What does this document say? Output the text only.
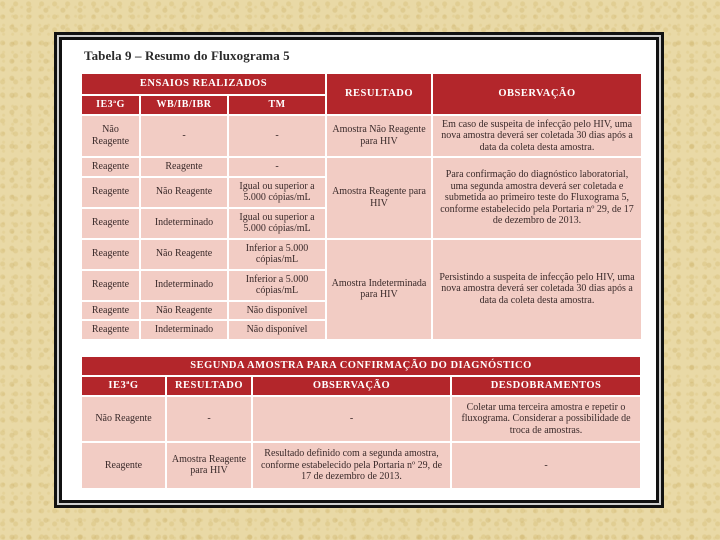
Tabela 9 – Resumo do Fluxograma 5
ENSAIOS REALIZADOS			RESULTADO	OBSERVAÇÃO
IE3ªG	WB/IB/IBR	TM		
Não Reagente	-	-	Amostra Não Reagente para HIV	Em caso de suspeita de infecção pelo HIV, uma nova amostra deverá ser coletada 30 dias após a data da coleta desta amostra.
Reagente	Reagente	-	Amostra Reagente para HIV	Para confirmação do diagnóstico laboratorial, uma segunda amostra deverá ser coletada e submetida ao primeiro teste do Fluxograma 5, conforme estabelecido pela Portaria nº 29, de 17 de dezembro de 2013.
Reagente	Não Reagente	Igual ou superior a 5.000 cópias/mL		
Reagente	Indeterminado	Igual ou superior a 5.000 cópias/mL		
Reagente	Não Reagente	Inferior a 5.000 cópias/mL	Amostra Indeterminada para HIV	Persistindo a suspeita de infecção pelo HIV, uma nova amostra deverá ser coletada 30 dias após a data da coleta desta amostra.
Reagente	Indeterminado	Inferior a 5.000 cópias/mL		
Reagente	Não Reagente	Não disponível		
Reagente	Indeterminado	Não disponível		
SEGUNDA AMOSTRA PARA CONFIRMAÇÃO DO DIAGNÓSTICO			
IE3ªG	RESULTADO	OBSERVAÇÃO	DESDOBRAMENTOS
Não Reagente	-	-	Coletar uma terceira amostra e repetir o fluxograma. Considerar a possibilidade de troca de amostras.
Reagente	Amostra Reagente para HIV	Resultado definido com a segunda amostra, conforme estabelecido pela Portaria nº 29, de 17 de dezembro de 2013.	-
